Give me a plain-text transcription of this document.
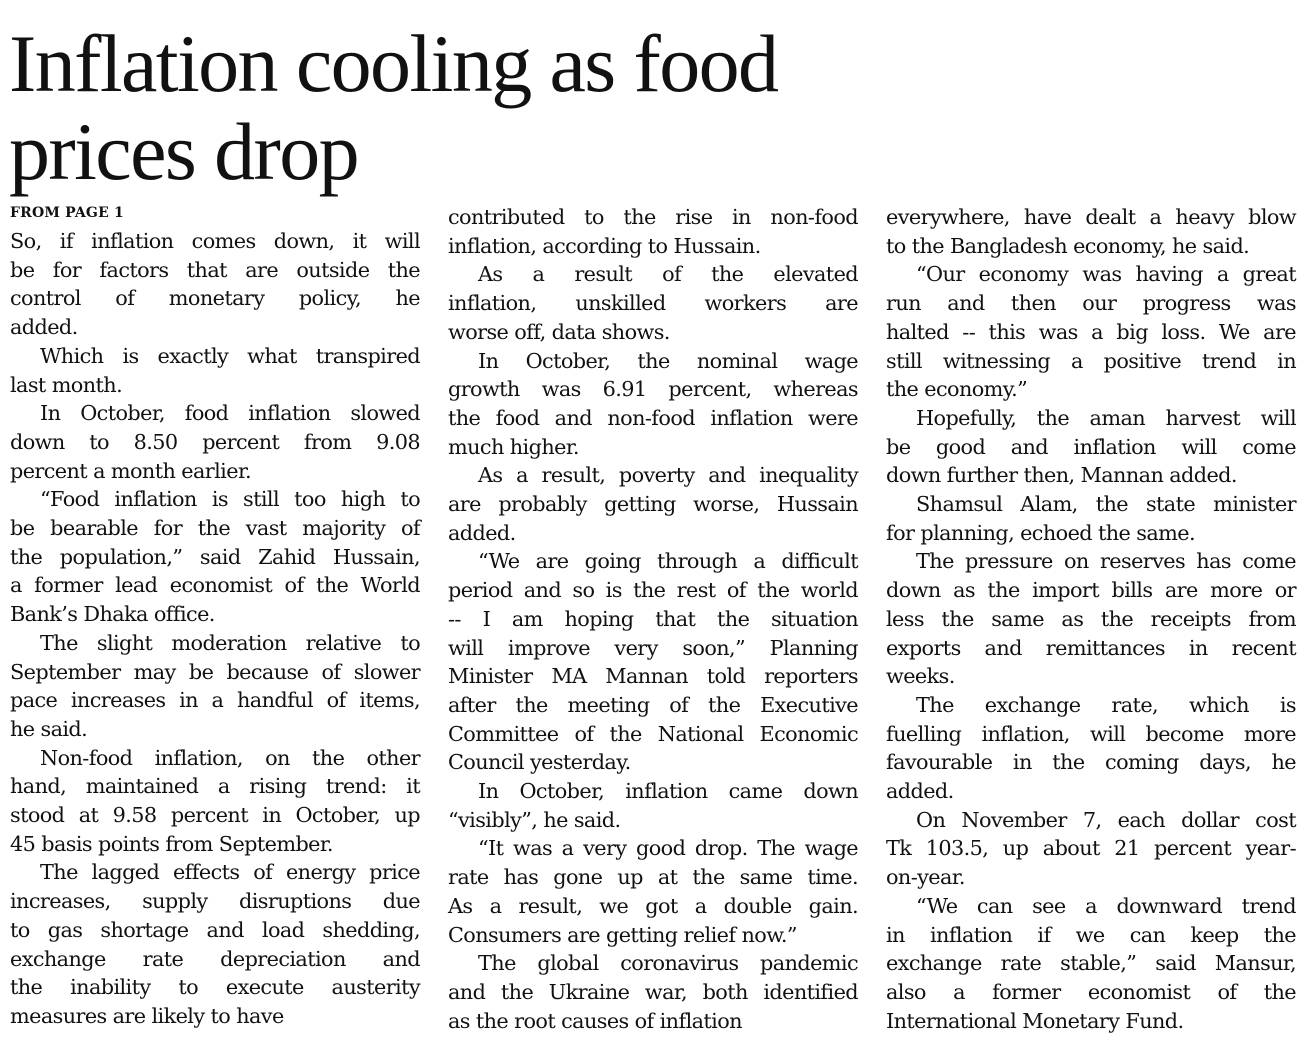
Inflation cooling as food
prices drop
FROM PAGE 1
So, if inflation comes down, it will
be for factors that are outside the
control of monetary policy, he
added.
Which is exactly what transpired
last month.
In October, food inflation slowed
down to 8.50 percent from 9.08
percent a month earlier.
“Food inflation is still too high to
be bearable for the vast majority of
the population,” said Zahid Hussain,
a former lead economist of the World
Bank’s Dhaka office.
The slight moderation relative to
September may be because of slower
pace increases in a handful of items,
he said.
Non-food inflation, on the other
hand, maintained a rising trend: it
stood at 9.58 percent in October, up
45 basis points from September.
The lagged effects of energy price
increases, supply disruptions due
to gas shortage and load shedding,
exchange rate depreciation and
the inability to execute austerity
measures are likely to have
contributed to the rise in non-food
inflation, according to Hussain.
As a result of the elevated
inflation, unskilled workers are
worse off, data shows.
In October, the nominal wage
growth was 6.91 percent, whereas
the food and non-food inflation were
much higher.
As a result, poverty and inequality
are probably getting worse, Hussain
added.
“We are going through a difficult
period and so is the rest of the world
-- I am hoping that the situation
will improve very soon,” Planning
Minister MA Mannan told reporters
after the meeting of the Executive
Committee of the National Economic
Council yesterday.
In October, inflation came down
“visibly”, he said.
“It was a very good drop. The wage
rate has gone up at the same time.
As a result, we got a double gain.
Consumers are getting relief now.”
The global coronavirus pandemic
and the Ukraine war, both identified
as the root causes of inflation
everywhere, have dealt a heavy blow
to the Bangladesh economy, he said.
“Our economy was having a great
run and then our progress was
halted -- this was a big loss. We are
still witnessing a positive trend in
the economy.”
Hopefully, the aman harvest will
be good and inflation will come
down further then, Mannan added.
Shamsul Alam, the state minister
for planning, echoed the same.
The pressure on reserves has come
down as the import bills are more or
less the same as the receipts from
exports and remittances in recent
weeks.
The exchange rate, which is
fuelling inflation, will become more
favourable in the coming days, he
added.
On November 7, each dollar cost
Tk 103.5, up about 21 percent year-
on-year.
“We can see a downward trend
in inflation if we can keep the
exchange rate stable,” said Mansur,
also a former economist of the
International Monetary Fund.
